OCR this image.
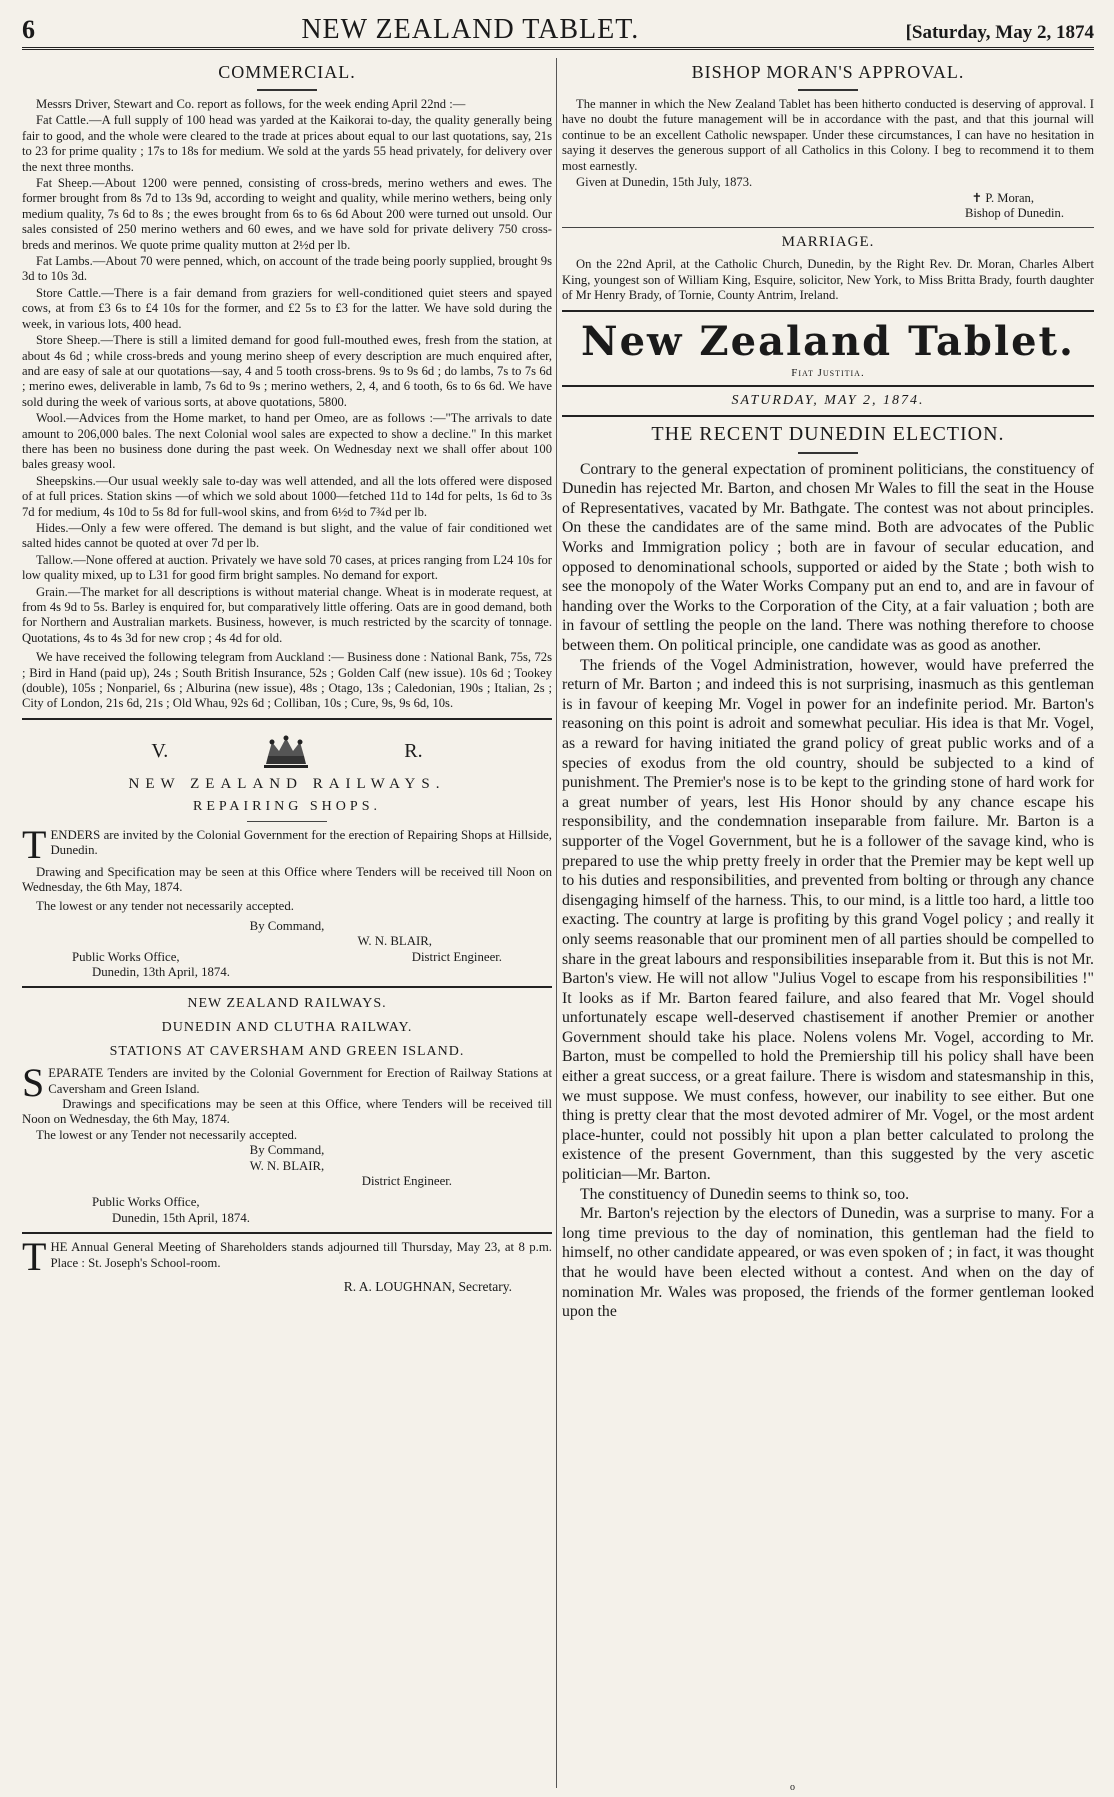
6	NEW ZEALAND TABLET.	[Saturday, May 2, 1874
COMMERCIAL.

Messrs Driver, Stewart and Co. report as follows, for the week ending April 22nd :—

Fat Cattle.—A full supply of 100 head was yarded at the Kaikorai to-day, the quality generally being fair to good, and the whole were cleared to the trade at prices about equal to our last quotations, say, 21s to 23 for prime quality ; 17s to 18s for medium. We sold at the yards 55 head privately, for delivery over the next three months.

Fat Sheep.—About 1200 were penned, consisting of cross-breds, merino wethers and ewes. The former brought from 8s 7d to 13s 9d, according to weight and quality, while merino wethers, being only medium quality, 7s 6d to 8s ; the ewes brought from 6s to 6s 6d About 200 were turned out unsold. Our sales consisted of 250 merino wethers and 60 ewes, and we have sold for private delivery 750 cross-breds and merinos. We quote prime quality mutton at 2½d per lb.

Fat Lambs.—About 70 were penned, which, on account of the trade being poorly supplied, brought 9s 3d to 10s 3d.

Store Cattle.—There is a fair demand from graziers for well-conditioned quiet steers and spayed cows, at from £3 6s to £4 10s for the former, and £2 5s to £3 for the latter. We have sold during the week, in various lots, 400 head.

Store Sheep.—There is still a limited demand for good full-mouthed ewes, fresh from the station, at about 4s 6d ; while cross-breds and young merino sheep of every description are much enquired after, and are easy of sale at our quotations—say, 4 and 5 tooth cross-brens. 9s to 9s 6d ; do lambs, 7s to 7s 6d ; merino ewes, deliverable in lamb, 7s 6d to 9s ; merino wethers, 2, 4, and 6 tooth, 6s to 6s 6d. We have sold during the week of various sorts, at above quotations, 5800.

Wool.—Advices from the Home market, to hand per Omeo, are as follows :—"The arrivals to date amount to 206,000 bales. The next Colonial wool sales are expected to show a decline." In this market there has been no business done during the past week. On Wednesday next we shall offer about 100 bales greasy wool.

Sheepskins.—Our usual weekly sale to-day was well attended, and all the lots offered were disposed of at full prices. Station skins —of which we sold about 1000—fetched 11d to 14d for pelts, 1s 6d to 3s 7d for medium, 4s 10d to 5s 8d for full-wool skins, and from 6½d to 7¾d per lb.

Hides.—Only a few were offered. The demand is but slight, and the value of fair conditioned wet salted hides cannot be quoted at over 7d per lb.

Tallow.—None offered at auction. Privately we have sold 70 cases, at prices ranging from L24 10s for low quality mixed, up to L31 for good firm bright samples. No demand for export.

Grain.—The market for all descriptions is without material change. Wheat is in moderate request, at from 4s 9d to 5s. Barley is enquired for, but comparatively little offering. Oats are in good demand, both for Northern and Australian markets. Business, however, is much restricted by the scarcity of tonnage. Quotations, 4s to 4s 3d for new crop ; 4s 4d for old.

We have received the following telegram from Auckland :— Business done : National Bank, 75s, 72s ; Bird in Hand (paid up), 24s ; South British Insurance, 52s ; Golden Calf (new issue). 10s 6d ; Tookey (double), 105s ; Nonpariel, 6s ; Alburina (new issue), 48s ; Otago, 13s ; Caledonian, 190s ; Italian, 2s ; City of London, 21s 6d, 21s ; Old Whau, 92s 6d ; Colliban, 10s ; Cure, 9s, 9s 6d, 10s.

V.	R.
NEW ZEALAND RAILWAYS.
REPAIRING SHOPS.

TENDERS are invited by the Colonial Government for the erection of Repairing Shops at Hillside, Dunedin.

Drawing and Specification may be seen at this Office where Tenders will be received till Noon on Wednesday, the 6th May, 1874.

The lowest or any tender not necessarily accepted.

By Command,

W. N. BLAIR,

Public Works Office,	District Engineer.

Dunedin, 13th April, 1874.

NEW ZEALAND RAILWAYS.
DUNEDIN AND CLUTHA RAILWAY.
STATIONS AT CAVERSHAM AND GREEN ISLAND.

SEPARATE Tenders are invited by the Colonial Government for Erection of Railway Stations at Caversham and Green Island.

Drawings and specifications may be seen at this Office, where Tenders will be received till Noon on Wednesday, the 6th May, 1874.

The lowest or any Tender not necessarily accepted.

By Command,

W. N. BLAIR,

District Engineer.

Public Works Office,

Dunedin, 15th April, 1874.

THE Annual General Meeting of Shareholders stands adjourned till Thursday, May 23, at 8 p.m. Place : St. Joseph's School-room.

R. A. LOUGHNAN, Secretary.

BISHOP MORAN'S APPROVAL.

The manner in which the New Zealand Tablet has been hitherto conducted is deserving of approval. I have no doubt the future management will be in accordance with the past, and that this journal will continue to be an excellent Catholic newspaper. Under these circumstances, I can have no hesitation in saying it deserves the generous support of all Catholics in this Colony. I beg to recommend it to them most earnestly.

Given at Dunedin, 15th July, 1873.

✝ P. Moran,

Bishop of Dunedin.

MARRIAGE.

On the 22nd April, at the Catholic Church, Dunedin, by the Right Rev. Dr. Moran, Charles Albert King, youngest son of William King, Esquire, solicitor, New York, to Miss Britta Brady, fourth daughter of Mr Henry Brady, of Tornie, County Antrim, Ireland.

New Zealand Tablet.
Fiat Justitia.
SATURDAY, MAY 2, 1874.
THE RECENT DUNEDIN ELECTION.

Contrary to the general expectation of prominent politicians, the constituency of Dunedin has rejected Mr. Barton, and chosen Mr Wales to fill the seat in the House of Representatives, vacated by Mr. Bathgate. The contest was not about principles. On these the candidates are of the same mind. Both are advocates of the Public Works and Immigration policy ; both are in favour of secular education, and opposed to denominational schools, supported or aided by the State ; both wish to see the monopoly of the Water Works Company put an end to, and are in favour of handing over the Works to the Corporation of the City, at a fair valuation ; both are in favour of settling the people on the land. There was nothing therefore to choose between them. On political principle, one candidate was as good as another.

The friends of the Vogel Administration, however, would have preferred the return of Mr. Barton ; and indeed this is not surprising, inasmuch as this gentleman is in favour of keeping Mr. Vogel in power for an indefinite period. Mr. Barton's reasoning on this point is adroit and somewhat peculiar. His idea is that Mr. Vogel, as a reward for having initiated the grand policy of great public works and of a species of exodus from the old country, should be subjected to a kind of punishment. The Premier's nose is to be kept to the grinding stone of hard work for a great number of years, lest His Honor should by any chance escape his responsibility, and the condemnation inseparable from failure. Mr. Barton is a supporter of the Vogel Government, but he is a follower of the savage kind, who is prepared to use the whip pretty freely in order that the Premier may be kept well up to his duties and responsibilities, and prevented from bolting or through any chance disengaging himself of the harness. This, to our mind, is a little too hard, a little too exacting. The country at large is profiting by this grand Vogel policy ; and really it only seems reasonable that our prominent men of all parties should be compelled to share in the great labours and responsibilities inseparable from it. But this is not Mr. Barton's view. He will not allow "Julius Vogel to escape from his responsibilities !" It looks as if Mr. Barton feared failure, and also feared that Mr. Vogel should unfortunately escape well-deserved chastisement if another Premier or another Government should take his place. Nolens volens Mr. Vogel, according to Mr. Barton, must be compelled to hold the Premiership till his policy shall have been either a great success, or a great failure. There is wisdom and statesmanship in this, we must suppose. We must confess, however, our inability to see either. But one thing is pretty clear that the most devoted admirer of Mr. Vogel, or the most ardent place-hunter, could not possibly hit upon a plan better calculated to prolong the existence of the present Government, than this suggested by the very ascetic politician—Mr. Barton.

The constituency of Dunedin seems to think so, too.

Mr. Barton's rejection by the electors of Dunedin, was a surprise to many. For a long time previous to the day of nomination, this gentleman had the field to himself, no other candidate appeared, or was even spoken of ; in fact, it was thought that he would have been elected without a contest. And when on the day of nomination Mr. Wales was proposed, the friends of the former gentleman looked upon the

o
